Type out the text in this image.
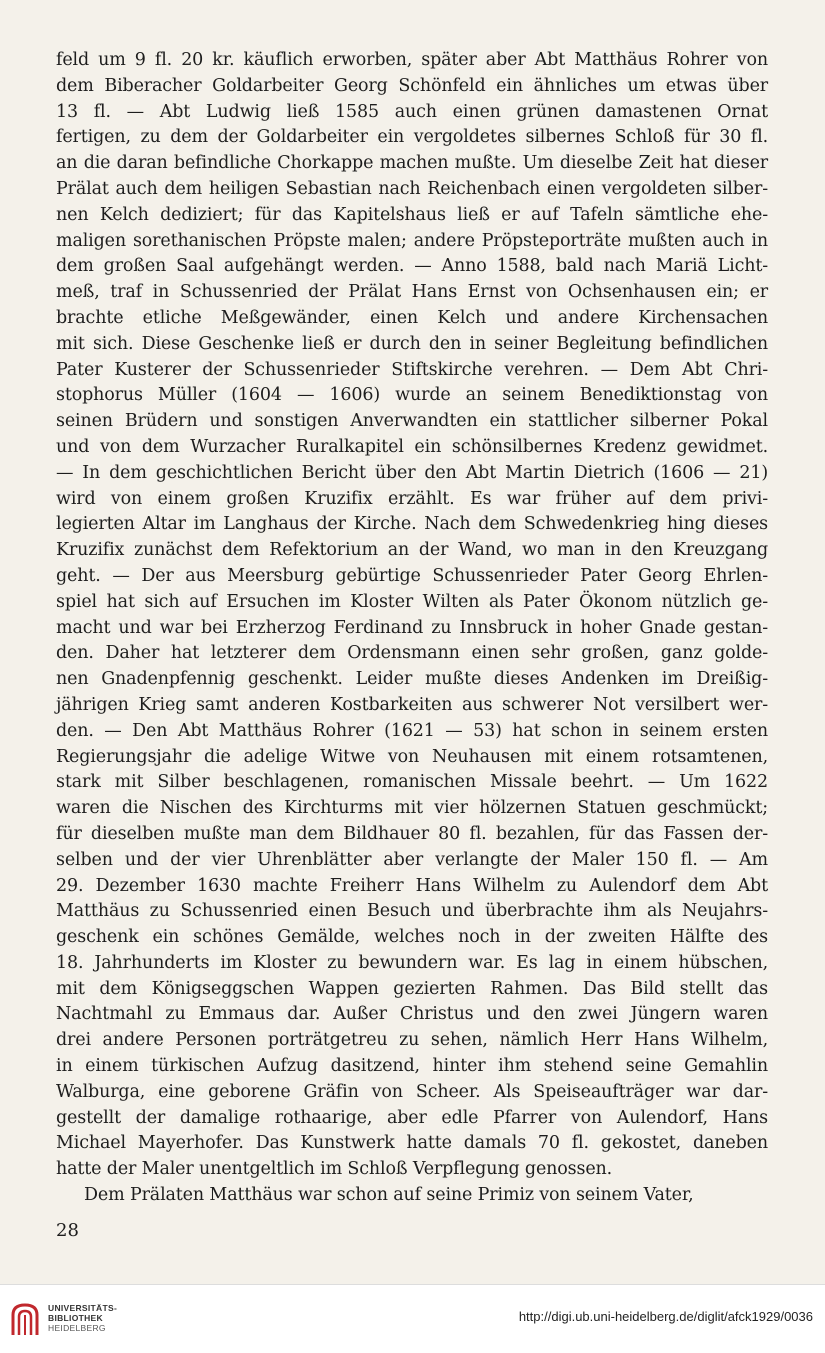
feld um 9 fl. 20 kr. käuflich erworben, später aber Abt Matthäus Rohrer von
dem Biberacher Goldarbeiter Georg Schönfeld ein ähnliches um etwas über
13 fl. — Abt Ludwig ließ 1585 auch einen grünen damastenen Ornat
fertigen, zu dem der Goldarbeiter ein vergoldetes silbernes Schloß für 30 fl.
an die daran befindliche Chorkappe machen mußte. Um dieselbe Zeit hat dieser
Prälat auch dem heiligen Sebastian nach Reichenbach einen vergoldeten silber-
nen Kelch dediziert; für das Kapitelshaus ließ er auf Tafeln sämtliche ehe-
maligen sorethanischen Pröpste malen; andere Pröpsteporträte mußten auch in
dem großen Saal aufgehängt werden. — Anno 1588, bald nach Mariä Licht-
meß, traf in Schussenried der Prälat Hans Ernst von Ochsenhausen ein; er
brachte etliche Meßgewänder, einen Kelch und andere Kirchensachen
mit sich. Diese Geschenke ließ er durch den in seiner Begleitung befindlichen
Pater Kusterer der Schussenrieder Stiftskirche verehren. — Dem Abt Chri-
stophorus Müller (1604 — 1606) wurde an seinem Benediktionstag von
seinen Brüdern und sonstigen Anverwandten ein stattlicher silberner Pokal
und von dem Wurzacher Ruralkapitel ein schönsilbernes Kredenz gewidmet.
— In dem geschichtlichen Bericht über den Abt Martin Dietrich (1606 — 21)
wird von einem großen Kruzifix erzählt. Es war früher auf dem privi-
legierten Altar im Langhaus der Kirche. Nach dem Schwedenkrieg hing dieses
Kruzifix zunächst dem Refektorium an der Wand, wo man in den Kreuzgang
geht. — Der aus Meersburg gebürtige Schussenrieder Pater Georg Ehrlen-
spiel hat sich auf Ersuchen im Kloster Wilten als Pater Ökonom nützlich ge-
macht und war bei Erzherzog Ferdinand zu Innsbruck in hoher Gnade gestan-
den. Daher hat letzterer dem Ordensmann einen sehr großen, ganz golde-
nen Gnadenpfennig geschenkt. Leider mußte dieses Andenken im Dreißig-
jährigen Krieg samt anderen Kostbarkeiten aus schwerer Not versilbert wer-
den. — Den Abt Matthäus Rohrer (1621 — 53) hat schon in seinem ersten
Regierungsjahr die adelige Witwe von Neuhausen mit einem rotsamtenen,
stark mit Silber beschlagenen, romanischen Missale beehrt. — Um 1622
waren die Nischen des Kirchturms mit vier hölzernen Statuen geschmückt;
für dieselben mußte man dem Bildhauer 80 fl. bezahlen, für das Fassen der-
selben und der vier Uhrenblätter aber verlangte der Maler 150 fl. — Am
29. Dezember 1630 machte Freiherr Hans Wilhelm zu Aulendorf dem Abt
Matthäus zu Schussenried einen Besuch und überbrachte ihm als Neujahrs-
geschenk ein schönes Gemälde, welches noch in der zweiten Hälfte des
18. Jahrhunderts im Kloster zu bewundern war. Es lag in einem hübschen,
mit dem Königseggschen Wappen gezierten Rahmen. Das Bild stellt das
Nachtmahl zu Emmaus dar. Außer Christus und den zwei Jüngern waren
drei andere Personen porträtgetreu zu sehen, nämlich Herr Hans Wilhelm,
in einem türkischen Aufzug dasitzend, hinter ihm stehend seine Gemahlin
Walburga, eine geborene Gräfin von Scheer. Als Speiseaufträger war dar-
gestellt der damalige rothaarige, aber edle Pfarrer von Aulendorf, Hans
Michael Mayerhofer. Das Kunstwerk hatte damals 70 fl. gekostet, daneben
hatte der Maler unentgeltlich im Schloß Verpflegung genossen.
Dem Prälaten Matthäus war schon auf seine Primiz von seinem Vater,
28
UNIVERSITÄTS-
BIBLIOTHEK
HEIDELBERG
http://digi.ub.uni-heidelberg.de/diglit/afck1929/0036
